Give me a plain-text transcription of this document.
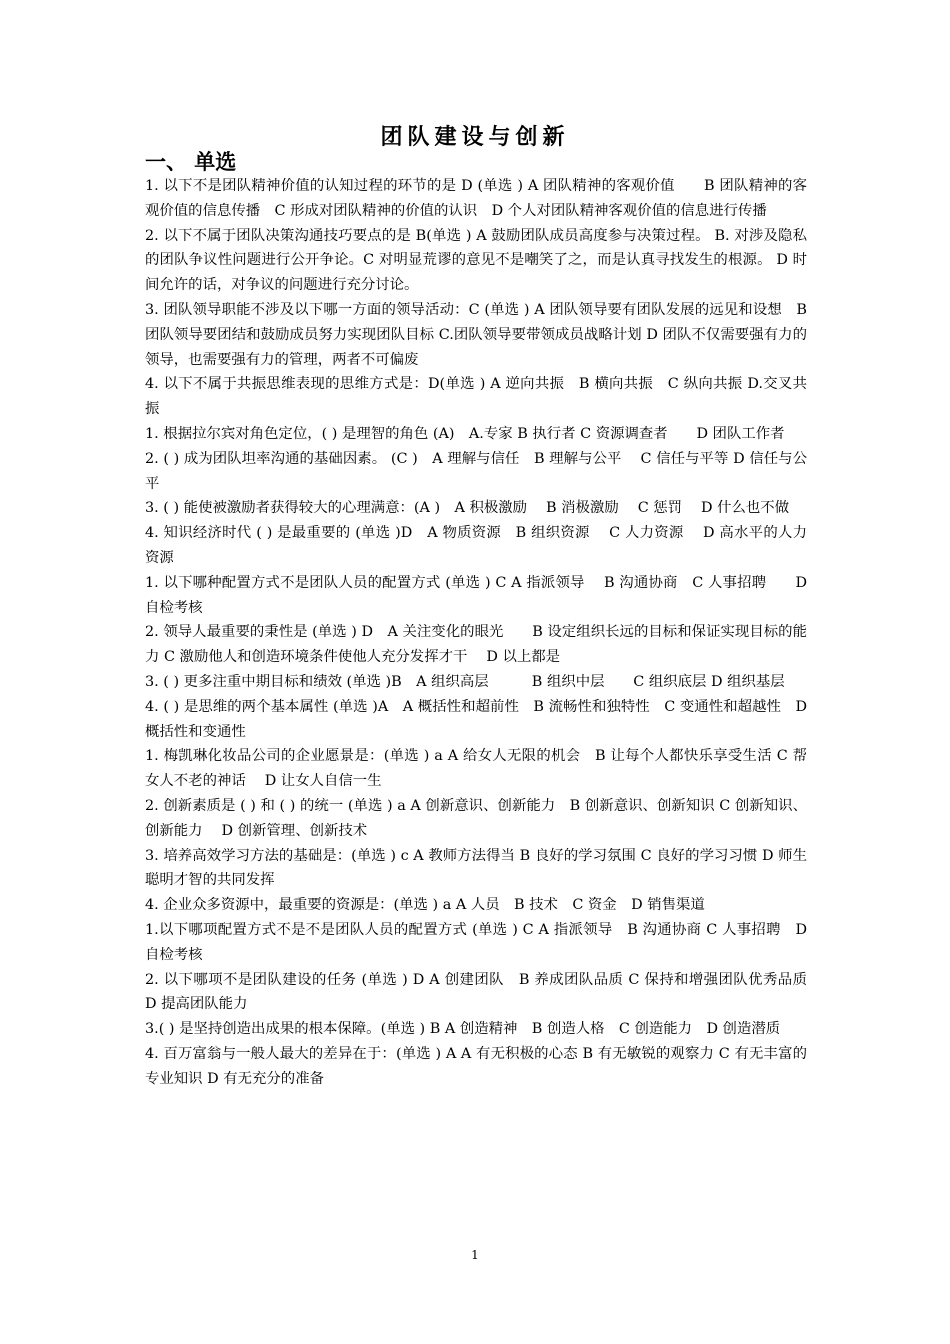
团队建设与创新
一、 单选

1. 以下不是团队精神价值的认知过程的环节的是 D (单选 ) A 团队精神的客观价值　　B 团队精神的客观价值的信息传播　C 形成对团队精神的价值的认识　D 个人对团队精神客观价值的信息进行传播

2. 以下不属于团队决策沟通技巧要点的是 B(单选 ) A 鼓励团队成员高度参与决策过程。 B. 对涉及隐私的团队争议性问题进行公开争论。C 对明显荒谬的意见不是嘲笑了之，而是认真寻找发生的根源。 D 时间允许的话，对争议的问题进行充分讨论。

3. 团队领导职能不涉及以下哪一方面的领导活动：C (单选 ) A 团队领导要有团队发展的远见和设想　B 团队领导要团结和鼓励成员努力实现团队目标 C.团队领导要带领成员战略计划 D 团队不仅需要强有力的领导，也需要强有力的管理，两者不可偏废

4. 以下不属于共振思维表现的思维方式是：D(单选 ) A 逆向共振　B 横向共振　C 纵向共振 D.交叉共振

1. 根据拉尔宾对角色定位，( ) 是理智的角色 (A)　A.专家 B 执行者 C 资源调查者　　D 团队工作者

2. ( ) 成为团队坦率沟通的基础因素。 (C )　A 理解与信任　B 理解与公平　 C 信任与平等 D 信任与公平

3. ( ) 能使被激励者获得较大的心理满意：(A )　A 积极激励　 B 消极激励　 C 惩罚　 D 什么也不做

4. 知识经济时代 ( ) 是最重要的 (单选 )D　A 物质资源　B 组织资源　 C 人力资源　 D 高水平的人力资源

1. 以下哪种配置方式不是团队人员的配置方式 (单选 ) C A 指派领导　 B 沟通协商　C 人事招聘　　D 自检考核

2. 领导人最重要的秉性是 (单选 ) D　A 关注变化的眼光　　B 设定组织长远的目标和保证实现目标的能力 C 激励他人和创造环境条件使他人充分发挥才干　 D 以上都是

3. ( ) 更多注重中期目标和绩效 (单选 )B　A 组织高层　　　B 组织中层　　C 组织底层 D 组织基层

4. ( ) 是思维的两个基本属性 (单选 )A　A 概括性和超前性　B 流畅性和独特性　C 变通性和超越性　D 概括性和变通性

1. 梅凯琳化妆品公司的企业愿景是：(单选 ) a A 给女人无限的机会　B 让每个人都快乐享受生活 C 帮女人不老的神话　 D 让女人自信一生

2. 创新素质是 ( ) 和 ( ) 的统一 (单选 ) a A 创新意识、创新能力　B 创新意识、创新知识 C 创新知识、创新能力　 D 创新管理、创新技术

3. 培养高效学习方法的基础是：(单选 ) c A 教师方法得当 B 良好的学习氛围 C 良好的学习习惯 D 师生聪明才智的共同发挥

4. 企业众多资源中，最重要的资源是：(单选 ) a A 人员　B 技术　C 资金　D 销售渠道

1.以下哪项配置方式不是不是团队人员的配置方式 (单选 ) C A 指派领导　B 沟通协商 C 人事招聘　D 自检考核

2. 以下哪项不是团队建设的任务 (单选 ) D A 创建团队　B 养成团队品质 C 保持和增强团队优秀品质　D 提高团队能力

3.( ) 是坚持创造出成果的根本保障。(单选 ) B A 创造精神　B 创造人格　C 创造能力　D 创造潜质

4. 百万富翁与一般人最大的差异在于：(单选 ) A A 有无积极的心态 B 有无敏锐的观察力 C 有无丰富的专业知识 D 有无充分的准备

1
